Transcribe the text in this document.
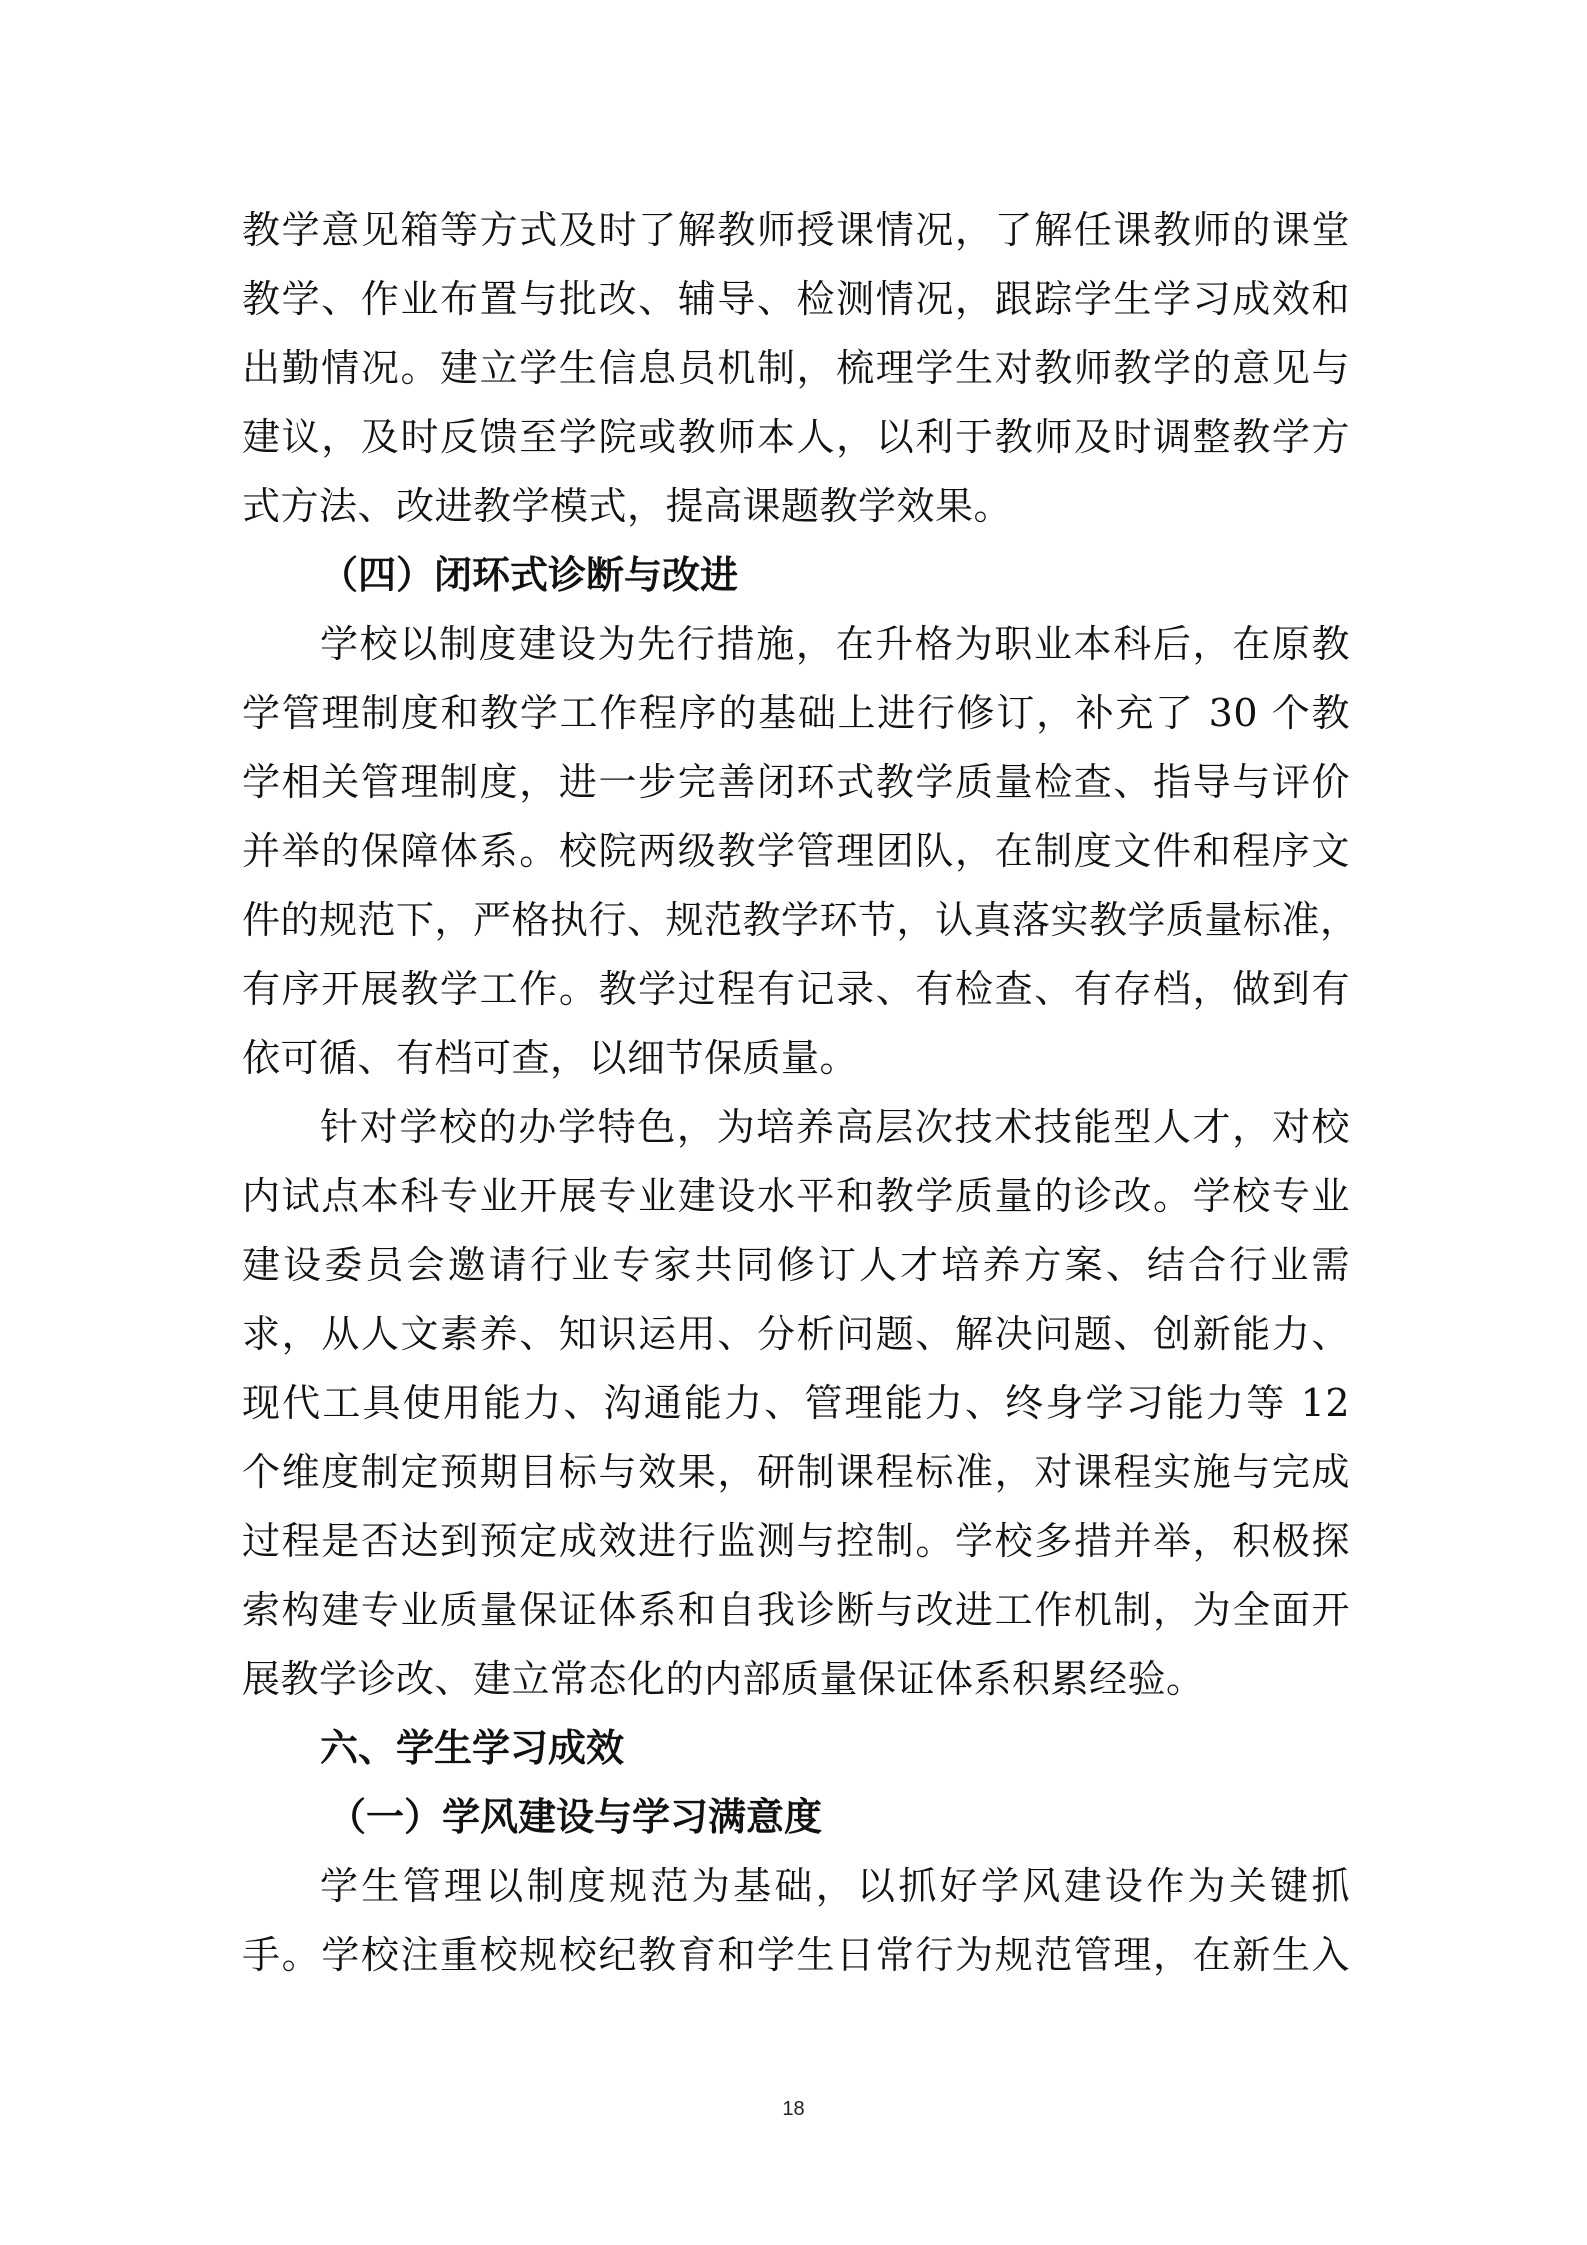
教学意见箱等方式及时了解教师授课情况，了解任课教师的课堂
教学、作业布置与批改、辅导、检测情况，跟踪学生学习成效和
出勤情况。建立学生信息员机制，梳理学生对教师教学的意见与
建议，及时反馈至学院或教师本人，以利于教师及时调整教学方
式方法、改进教学模式，提高课题教学效果。
（四）闭环式诊断与改进
学校以制度建设为先行措施，在升格为职业本科后，在原教
学管理制度和教学工作程序的基础上进行修订，补充了 30 个教
学相关管理制度，进一步完善闭环式教学质量检查、指导与评价
并举的保障体系。校院两级教学管理团队，在制度文件和程序文
件的规范下，严格执行、规范教学环节，认真落实教学质量标准，
有序开展教学工作。教学过程有记录、有检查、有存档，做到有
依可循、有档可查，以细节保质量。
针对学校的办学特色，为培养高层次技术技能型人才，对校
内试点本科专业开展专业建设水平和教学质量的诊改。学校专业
建设委员会邀请行业专家共同修订人才培养方案、结合行业需
求，从人文素养、知识运用、分析问题、解决问题、创新能力、
现代工具使用能力、沟通能力、管理能力、终身学习能力等 12
个维度制定预期目标与效果，研制课程标准，对课程实施与完成
过程是否达到预定成效进行监测与控制。学校多措并举，积极探
索构建专业质量保证体系和自我诊断与改进工作机制，为全面开
展教学诊改、建立常态化的内部质量保证体系积累经验。
六、学生学习成效
（一）学风建设与学习满意度
学生管理以制度规范为基础，以抓好学风建设作为关键抓
手。学校注重校规校纪教育和学生日常行为规范管理，在新生入
18
